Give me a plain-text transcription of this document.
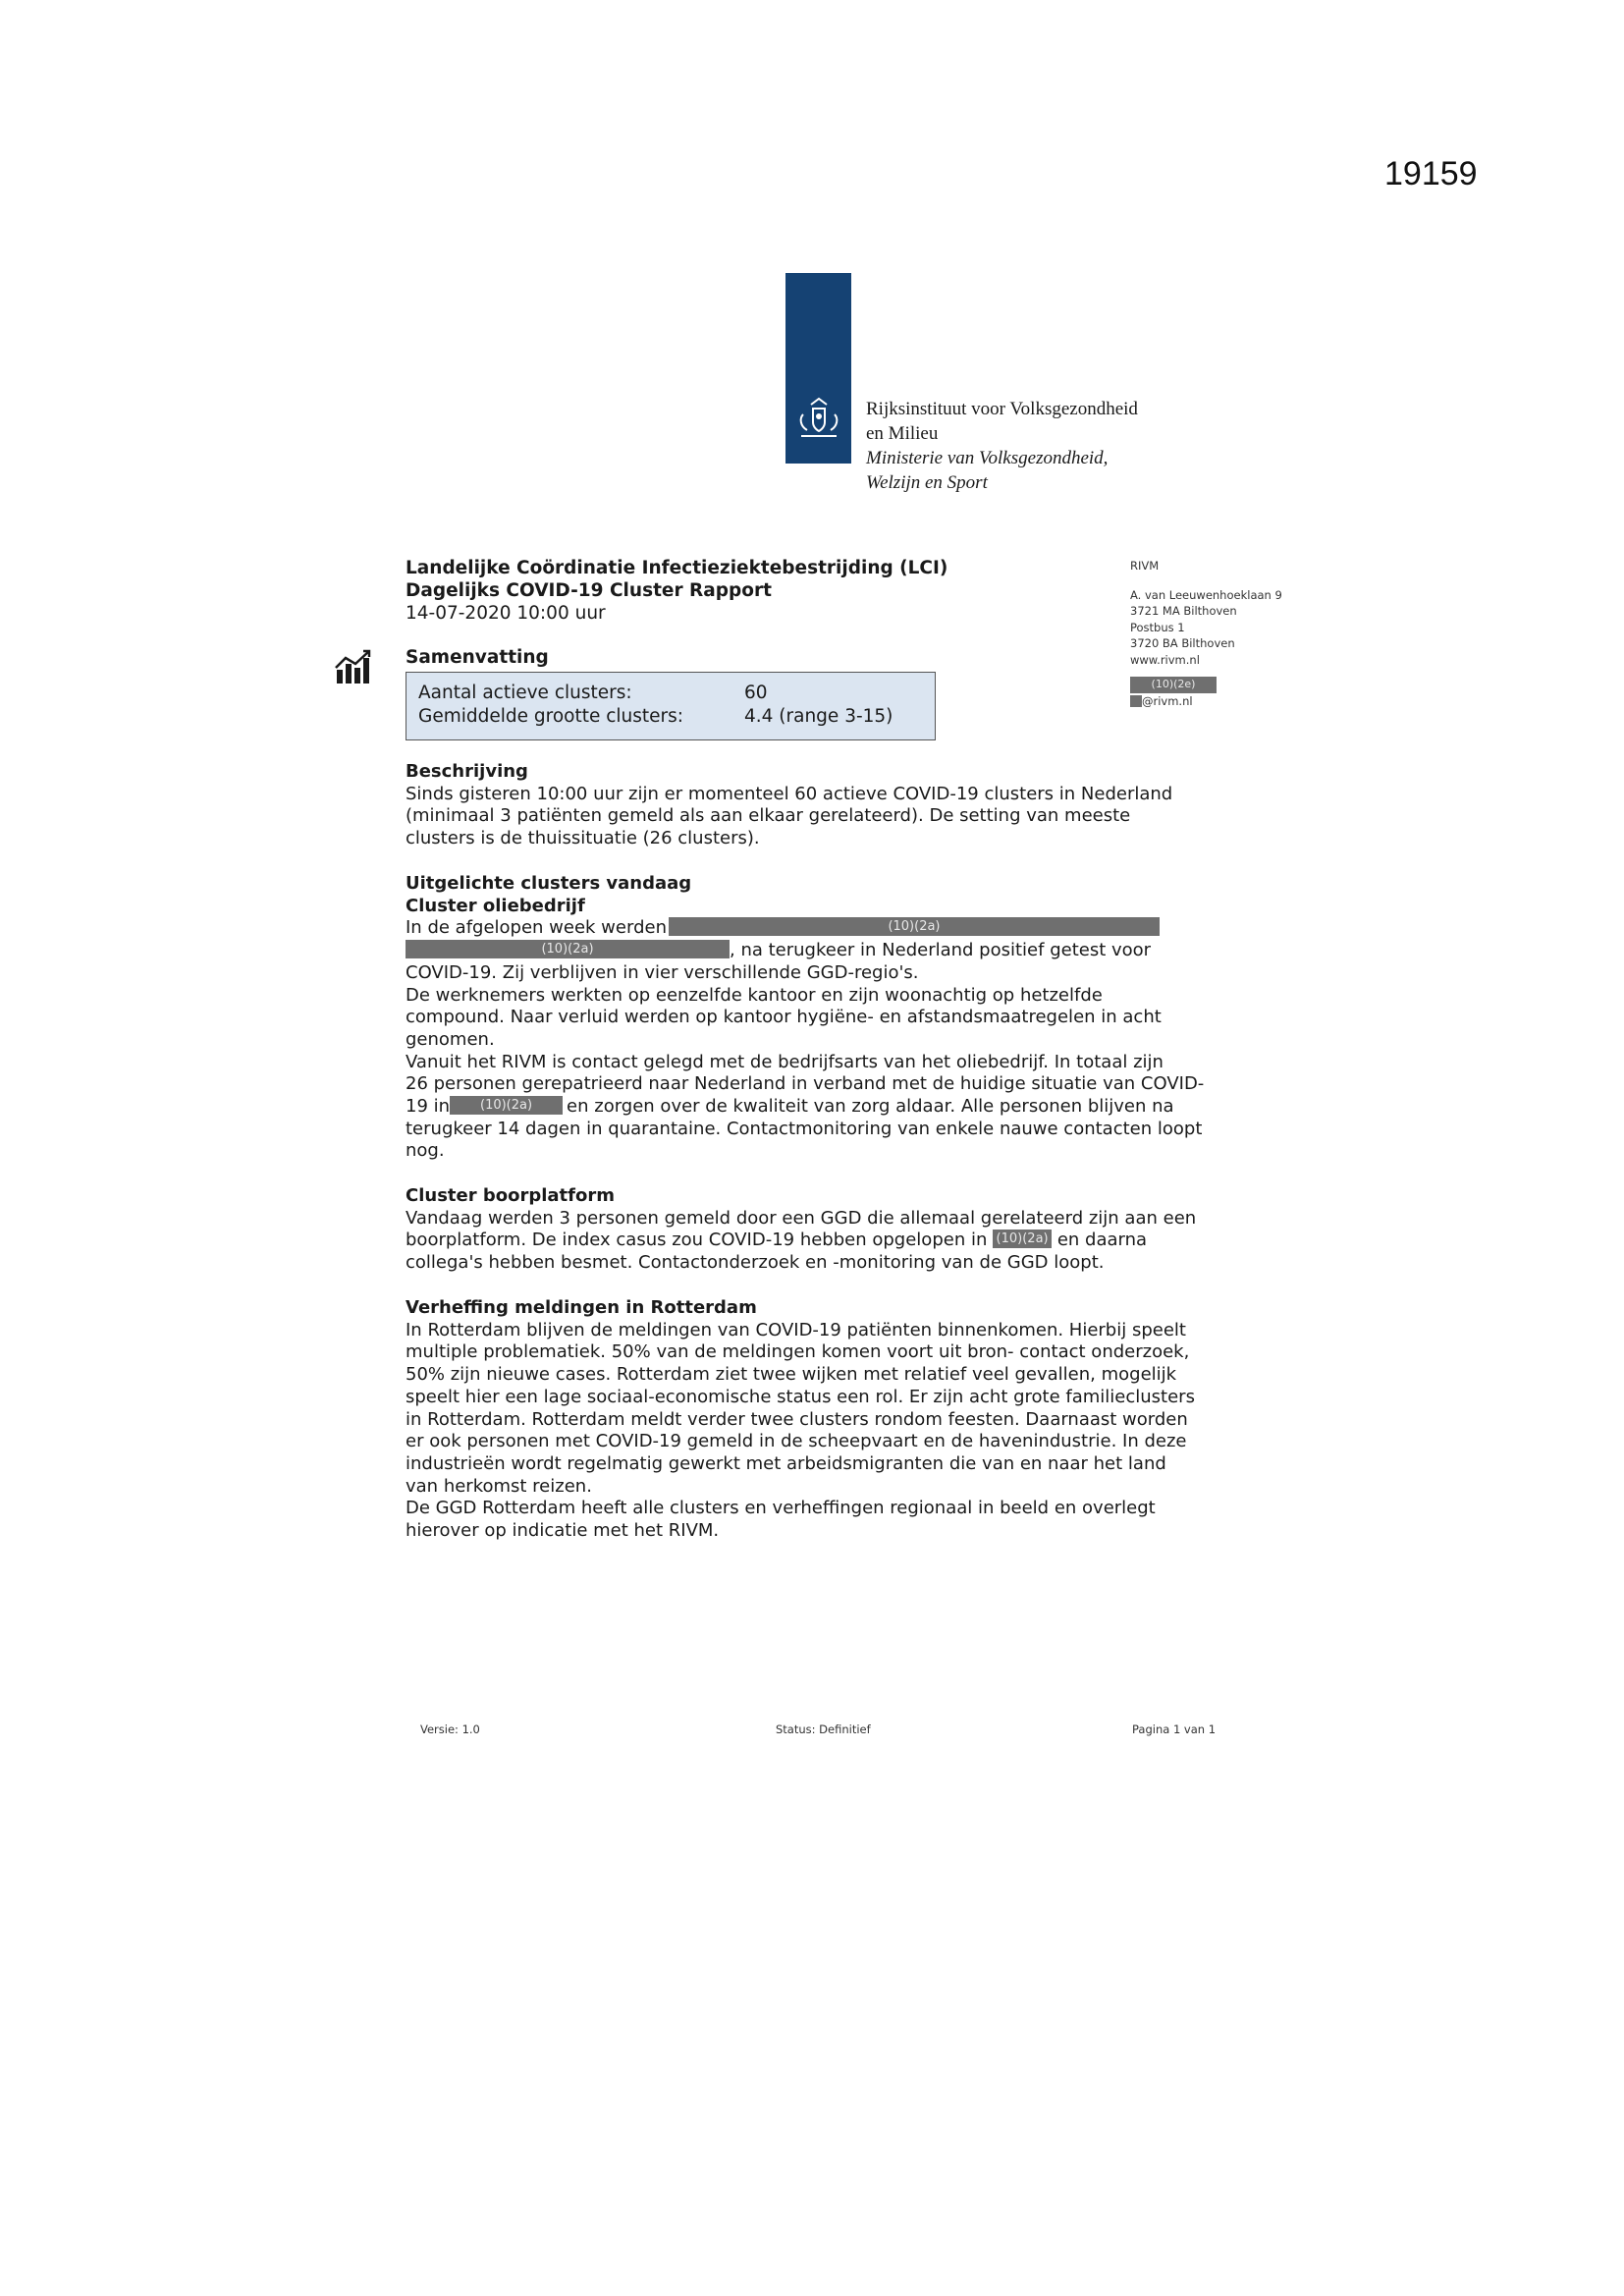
19159
Rijksinstituut voor Volksgezondheid
en Milieu
Ministerie van Volksgezondheid,
Welzijn en Sport
Landelijke Coördinatie Infectieziektebestrijding (LCI)
Dagelijks COVID-19 Cluster Rapport
14-07-2020 10:00 uur
RIVM
A. van Leeuwenhoeklaan 9
3721 MA Bilthoven
Postbus 1
3720 BA Bilthoven
www.rivm.nl
(10)(2e)
@rivm.nl
Samenvatting
Aantal actieve clusters:	60
Gemiddelde grootte clusters:	4.4 (range 3-15)
Beschrijving

Sinds gisteren 10:00 uur zijn er momenteel 60 actieve COVID-19 clusters in Nederland

(minimaal 3 patiënten gemeld als aan elkaar gerelateerd). De setting van meeste

clusters is de thuissituatie (26 clusters).

Uitgelichte clusters vandaag
Cluster oliebedrijf

In de afgelopen week werden	(10)(2a)

(10)(2a)	, na terugkeer in Nederland positief getest voor

COVID-19. Zij verblijven in vier verschillende GGD-regio's.

De werknemers werkten op eenzelfde kantoor en zijn woonachtig op hetzelfde

compound. Naar verluid werden op kantoor hygiëne- en afstandsmaatregelen in acht

genomen.

Vanuit het RIVM is contact gelegd met de bedrijfsarts van het oliebedrijf. In totaal zijn

26 personen gerepatrieerd naar Nederland in verband met de huidige situatie van COVID-

19 in (10)(2a) en zorgen over de kwaliteit van zorg aldaar. Alle personen blijven na

terugkeer 14 dagen in quarantaine. Contactmonitoring van enkele nauwe contacten loopt

nog.

Cluster boorplatform

Vandaag werden 3 personen gemeld door een GGD die allemaal gerelateerd zijn aan een

boorplatform. De index casus zou COVID-19 hebben opgelopen in (10)(2a) en daarna

collega's hebben besmet. Contactonderzoek en -monitoring van de GGD loopt.

Verheffing meldingen in Rotterdam

In Rotterdam blijven de meldingen van COVID-19 patiënten binnenkomen. Hierbij speelt

multiple problematiek. 50% van de meldingen komen voort uit bron- contact onderzoek,

50% zijn nieuwe cases. Rotterdam ziet twee wijken met relatief veel gevallen, mogelijk

speelt hier een lage sociaal-economische status een rol. Er zijn acht grote familieclusters

in Rotterdam. Rotterdam meldt verder twee clusters rondom feesten. Daarnaast worden

er ook personen met COVID-19 gemeld in de scheepvaart en de havenindustrie. In deze

industrieën wordt regelmatig gewerkt met arbeidsmigranten die van en naar het land

van herkomst reizen.

De GGD Rotterdam heeft alle clusters en verheffingen regionaal in beeld en overlegt

hierover op indicatie met het RIVM.

Versie: 1.0	Status: Definitief	Pagina 1 van 1
